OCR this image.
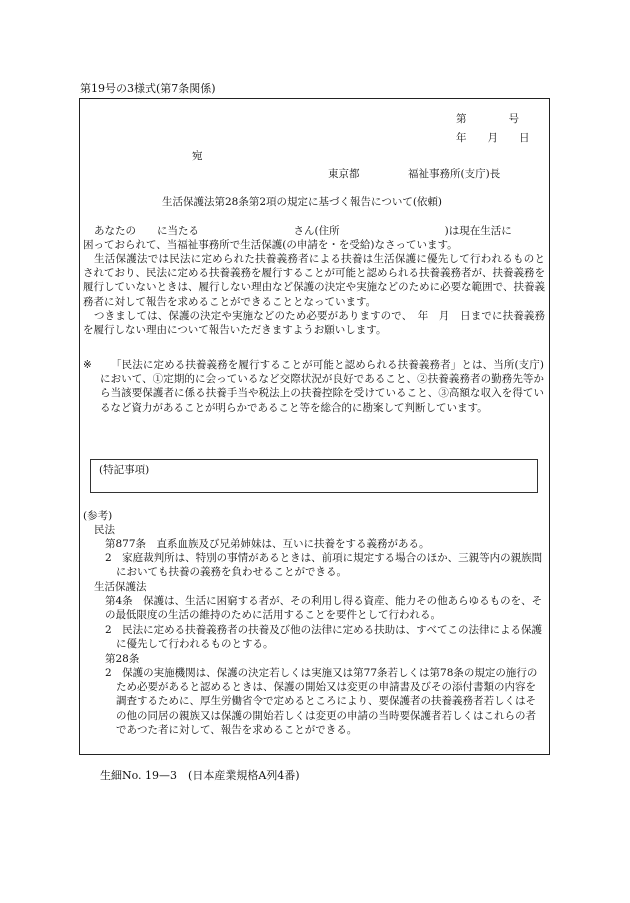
第19号の3様式(第7条関係)
第　　　　号
年　　月　　日
宛
東京都	福祉事務所(支庁)長
生活保護法第28条第2項の規定に基づく報告について(依頼)
あなたの　　に当たる　　　　　　　　　さん(住所　　　　　　　　　　)は現在生活に
困っておられて、当福祉事務所で生活保護(の申請を・を受給)なさっています。
生活保護法では民法に定められた扶養義務者による扶養は生活保護に優先して行われるものとされており、民法に定める扶養義務を履行することが可能と認められる扶養義務者が、扶養義務を履行していないときは、履行しない理由など保護の決定や実施などのために必要な範囲で、扶養義務者に対して報告を求めることができることとなっています。
つきましては、保護の決定や実施などのため必要がありますので、　年　月　日までに扶養義務を履行しない理由について報告いただきますようお願いします。
※	「民法に定める扶養義務を履行することが可能と認められる扶養義務者」とは、当所(支庁)において、①定期的に会っているなど交際状況が良好であること、②扶養義務者の勤務先等から当該要保護者に係る扶養手当や税法上の扶養控除を受けていること、③高額な収入を得ているなど資力があることが明らかであること等を総合的に勘案して判断しています。
(特記事項)
(参考)
民法
第877条　直系血族及び兄弟姉妹は、互いに扶養をする義務がある。
2　家庭裁判所は、特別の事情があるときは、前項に規定する場合のほか、三親等内の親族間においても扶養の義務を負わせることができる。
生活保護法
第4条　保護は、生活に困窮する者が、その利用し得る資産、能力その他あらゆるものを、その最低限度の生活の維持のために活用することを要件として行われる。
2　民法に定める扶養義務者の扶養及び他の法律に定める扶助は、すべてこの法律による保護に優先して行われるものとする。
第28条
2　保護の実施機関は、保護の決定若しくは実施又は第77条若しくは第78条の規定の施行のため必要があると認めるときは、保護の開始又は変更の申請書及びその添付書類の内容を調査するために、厚生労働省令で定めるところにより、要保護者の扶養義務者若しくはその他の同居の親族又は保護の開始若しくは変更の申請の当時要保護者若しくはこれらの者であつた者に対して、報告を求めることができる。
生細No. 19—3　(日本産業規格A列4番)
